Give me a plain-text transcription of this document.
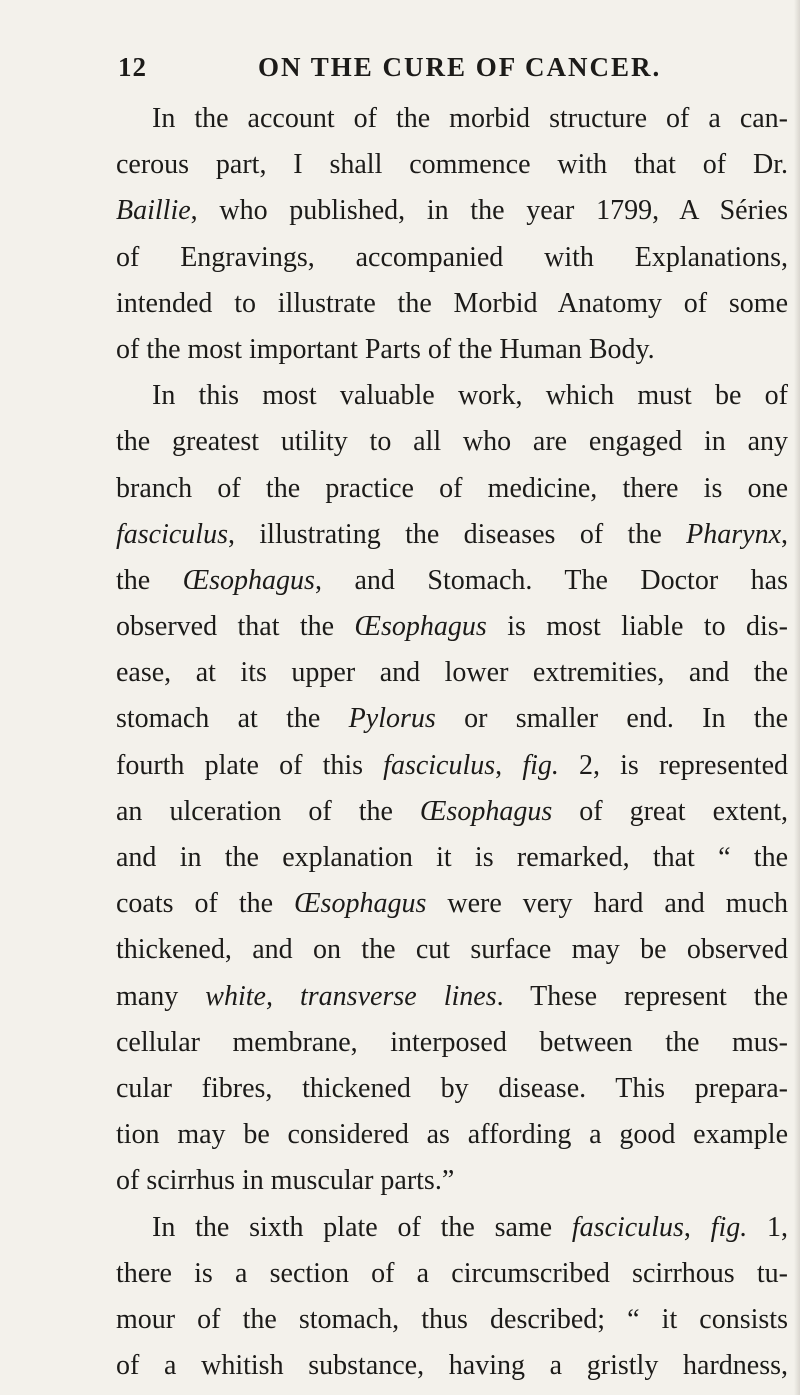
12	ON THE CURE OF CANCER.
In the account of the morbid structure of a can-
cerous part, I shall commence with that of Dr.
Baillie, who published, in the year 1799, A Séries
of Engravings, accompanied with Explanations,
intended to illustrate the Morbid Anatomy of some
of the most important Parts of the Human Body.
In this most valuable work, which must be of
the greatest utility to all who are engaged in any
branch of the practice of medicine, there is one
fasciculus, illustrating the diseases of the Pharynx,
the Œsophagus, and Stomach. The Doctor has
observed that the Œsophagus is most liable to dis-
ease, at its upper and lower extremities, and the
stomach at the Pylorus or smaller end. In the
fourth plate of this fasciculus, fig. 2, is represented
an ulceration of the Œsophagus of great extent,
and in the explanation it is remarked, that “ the
coats of the Œsophagus were very hard and much
thickened, and on the cut surface may be observed
many white, transverse lines. These represent the
cellular membrane, interposed between the mus-
cular fibres, thickened by disease. This prepara-
tion may be considered as affording a good example
of scirrhus in muscular parts.”
In the sixth plate of the same fasciculus, fig. 1,
there is a section of a circumscribed scirrhous tu-
mour of the stomach, thus described; “ it consists
of a whitish substance, having a gristly hardness,
